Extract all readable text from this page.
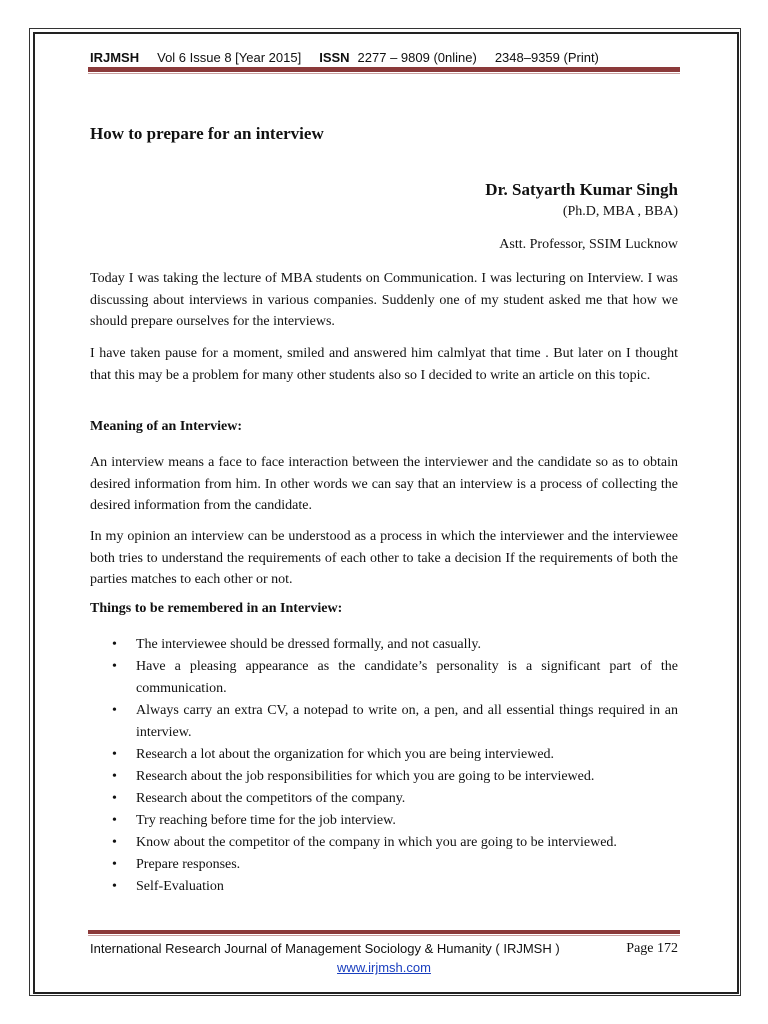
IRJMSH Vol 6 Issue 8 [Year 2015] ISSN 2277 – 9809 (0nline) 2348–9359 (Print)
How to prepare for an interview
Dr. Satyarth Kumar Singh
(Ph.D, MBA , BBA)
Astt. Professor, SSIM Lucknow
Today I was taking the lecture of MBA students on Communication. I was lecturing on Interview. I was discussing about interviews in various companies. Suddenly one of my student asked me that how we should prepare ourselves for the interviews.
I have taken pause for a moment, smiled and answered him calmlyat that time . But later on I thought that this may be a problem for many other students also so I decided to write an article on this topic.
Meaning of an Interview:
An interview means a face to face interaction between the interviewer and the candidate so as to obtain desired information from him. In other words we can say that an interview is a process of collecting the desired information from the candidate.
In my opinion an interview can be understood as a process in which the interviewer and the interviewee both tries to understand the requirements of each other to take a decision If the requirements of both the parties matches to each other or not.
Things to be remembered in an Interview:
• The interviewee should be dressed formally, and not casually.
• Have a pleasing appearance as the candidate’s personality is a significant part of the communication.
• Always carry an extra CV, a notepad to write on, a pen, and all essential things required in an interview.
• Research a lot about the organization for which you are being interviewed.
• Research about the job responsibilities for which you are going to be interviewed.
• Research about the competitors of the company.
• Try reaching before time for the job interview.
• Know about the competitor of the company in which you are going to be interviewed.
• Prepare responses.
• Self-Evaluation
International Research Journal of Management Sociology & Humanity ( IRJMSH )	Page 172
www.irjmsh.com
